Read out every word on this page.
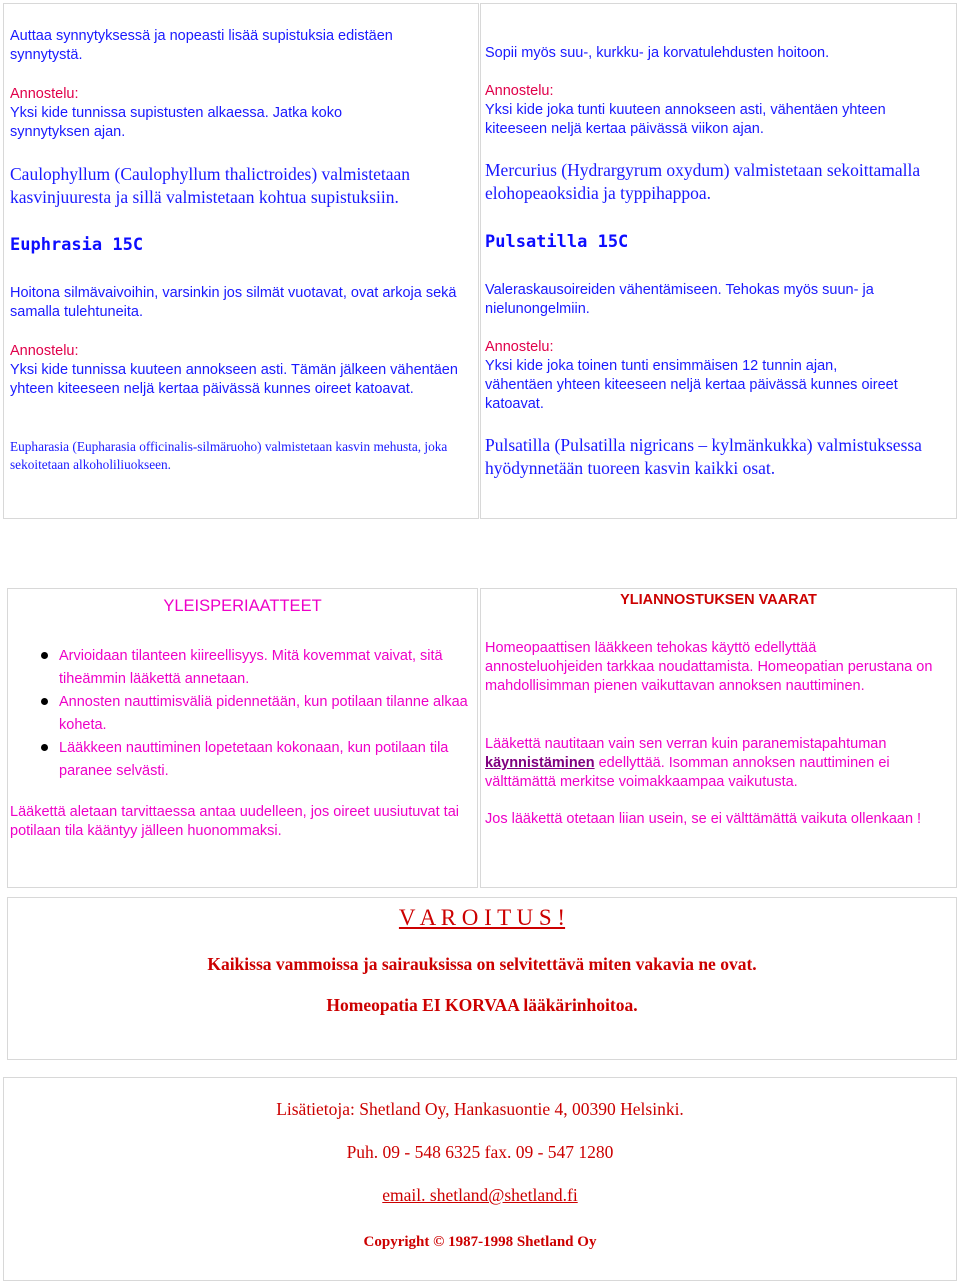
Auttaa synnytyksessä ja nopeasti lisää supistuksia edistäen synnytystä.
Annostelu:
Yksi kide tunnissa supistusten alkaessa. Jatka koko synnytyksen ajan.
Caulophyllum (Caulophyllum thalictroides) valmistetaan kasvinjuuresta ja sillä valmistetaan kohtua supistuksiin.
Euphrasia 15C
Hoitona silmävaivoihin, varsinkin jos silmät vuotavat, ovat arkoja sekä samalla tulehtuneita.
Annostelu:
Yksi kide tunnissa kuuteen annokseen asti. Tämän jälkeen vähentäen yhteen kiteeseen neljä kertaa päivässä kunnes oireet katoavat.
Eupharasia (Eupharasia officinalis-silmäruoho) valmistetaan kasvin mehusta, joka sekoitetaan alkoholiliuokseen.
Sopii myös suu-, kurkku- ja korvatulehdusten hoitoon.
Annostelu:
Yksi kide joka tunti kuuteen annokseen asti, vähentäen yhteen kiteeseen neljä kertaa päivässä viikon ajan.
Mercurius (Hydrargyrum oxydum) valmistetaan sekoittamalla elohopeaoksidia ja typpihappoa.
Pulsatilla 15C
Valeraskausoireiden vähentämiseen. Tehokas myös suun- ja nielunongelmiin.
Annostelu:
Yksi kide joka toinen tunti ensimmäisen 12 tunnin ajan, vähentäen yhteen kiteeseen neljä kertaa päivässä kunnes oireet katoavat.
Pulsatilla (Pulsatilla nigricans – kylmänkukka) valmistuksessa hyödynnetään tuoreen kasvin kaikki osat.
YLEISPERIAATTEET
Arvioidaan tilanteen kiireellisyys. Mitä kovemmat vaivat, sitä tiheämmin lääkettä annetaan.
Annosten nauttimisväliä pidennetään, kun potilaan tilanne alkaa koheta.
Lääkkeen nauttiminen lopetetaan kokonaan, kun potilaan tila paranee selvästi.
Lääkettä aletaan tarvittaessa antaa uudelleen, jos oireet uusiutuvat tai potilaan tila kääntyy jälleen huonommaksi.
YLIANNOSTUKSEN VAARAT
Homeopaattisen lääkkeen tehokas käyttö edellyttää annosteluohjeiden tarkkaa noudattamista. Homeopatian perustana on mahdollisimman pienen vaikuttavan annoksen nauttiminen.
Lääkettä nautitaan vain sen verran kuin paranemistapahtuman käynnistäminen edellyttää. Isomman annoksen nauttiminen ei välttämättä merkitse voimakkaampaa vaikutusta.
Jos lääkettä otetaan liian usein, se ei välttämättä vaikuta ollenkaan !
V A R O I T U S !
Kaikissa vammoissa ja sairauksissa on selvitettävä miten vakavia ne ovat.
Homeopatia EI KORVAA lääkärinhoitoa.
Lisätietoja: Shetland Oy, Hankasuontie 4, 00390 Helsinki.
Puh. 09 - 548 6325 fax. 09 - 547 1280
email. shetland@shetland.fi
Copyright © 1987-1998 Shetland Oy
